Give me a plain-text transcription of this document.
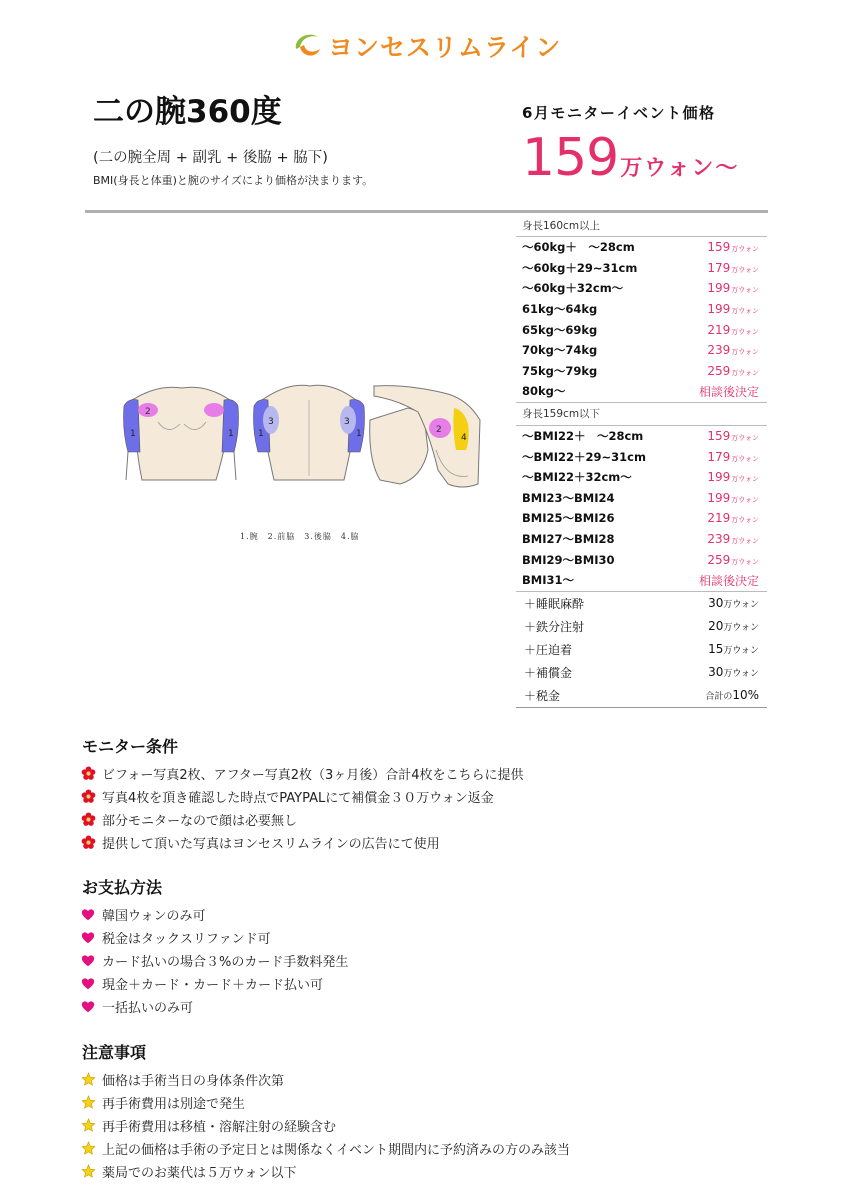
ヨンセスリムライン
二の腕360度
(二の腕全周 + 副乳 + 後脇 + 脇下)
BMI(身長と体重)と腕のサイズにより価格が決まります。
6月モニターイベント価格
159万ウォン～
2
1	1
3	3
1	1	2
4
1.腕　2.前脇　3.後脇　4.脇
身長160cm以上
～60kg＋　～28cm	159万ウォン
～60kg＋29~31cm	179万ウォン
～60kg＋32cm～	199万ウォン
61kg～64kg	199万ウォン
65kg～69kg	219万ウォン
70kg～74kg	239万ウォン
75kg～79kg	259万ウォン
80kg～	相談後決定
身長159cm以下
～BMI22＋　～28cm	159万ウォン
～BMI22＋29~31cm	179万ウォン
～BMI22＋32cm～	199万ウォン
BMI23～BMI24	199万ウォン
BMI25～BMI26	219万ウォン
BMI27～BMI28	239万ウォン
BMI29～BMI30	259万ウォン
BMI31～	相談後決定
＋睡眠麻酔	30万ウォン
＋鉄分注射	20万ウォン
＋圧迫着	15万ウォン
＋補償金	30万ウォン
＋税金	合計の10%
モニター条件
ビフォー写真2枚、アフター写真2枚（3ヶ月後）合計4枚をこちらに提供
写真4枚を頂き確認した時点でPAYPALにて補償金３０万ウォン返金
部分モニターなので顔は必要無し
提供して頂いた写真はヨンセスリムラインの広告にて使用
お支払方法
韓国ウォンのみ可
税金はタックスリファンド可
カード払いの場合３%のカード手数料発生
現金＋カード・カード＋カード払い可
一括払いのみ可
注意事項
価格は手術当日の身体条件次第
再手術費用は別途で発生
再手術費用は移植・溶解注射の経験含む
上記の価格は手術の予定日とは関係なくイベント期間内に予約済みの方のみ該当
薬局でのお薬代は５万ウォン以下
